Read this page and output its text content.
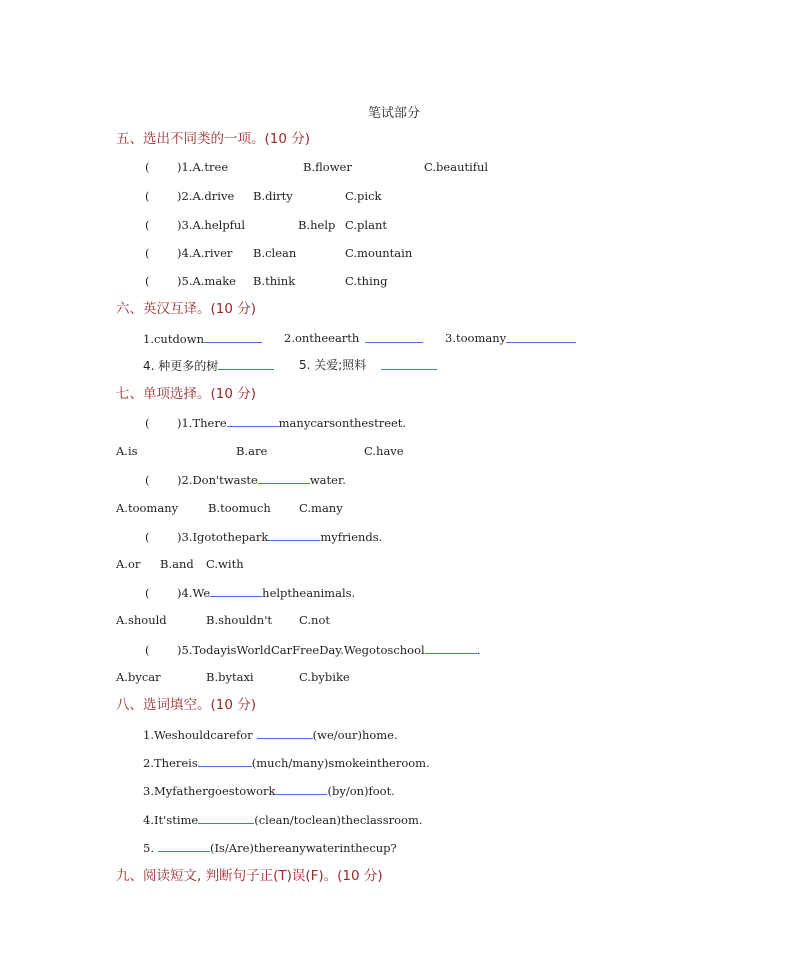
笔试部分
五、选出不同类的一项。(10 分)
( )1.A.tree	B.flower	C.beautiful
( )2.A.drive B.dirty	C.pick
( )3.A.helpful	B.help C.plant
( )4.A.river B.clean	C.mountain
( )5.A.make B.think	C.thing
六、英汉互译。(10 分)
1.cutdown	2.ontheearth	3.toomany
4. 种更多的树	5. 关爱;照料
七、单项选择。(10 分)
( )1.There	manycarsonthestreet.
A.is	B.are	C.have
( )2.Don'twaste	water.
A.toomany	B.toomuch C.many
( )3.Igotothepark	myfriends.
A.or B.and C.with
( )4.We	helptheanimals.
A.should	B.shouldn't C.not
( )5.TodayisWorldCarFreeDay.Wegotoschool	.
A.bycar	B.bytaxi	C.bybike
八、选词填空。(10 分)
1.Weshouldcarefor	(we/our)home.
2.Thereis	(much/many)smokeintheroom.
3.Myfathergoestowork	(by/on)foot.
4.It'stime	(clean/toclean)theclassroom.
5.	(Is/Are)thereanywaterinthecup?
九、阅读短文, 判断句子正(T)误(F)。(10 分)
